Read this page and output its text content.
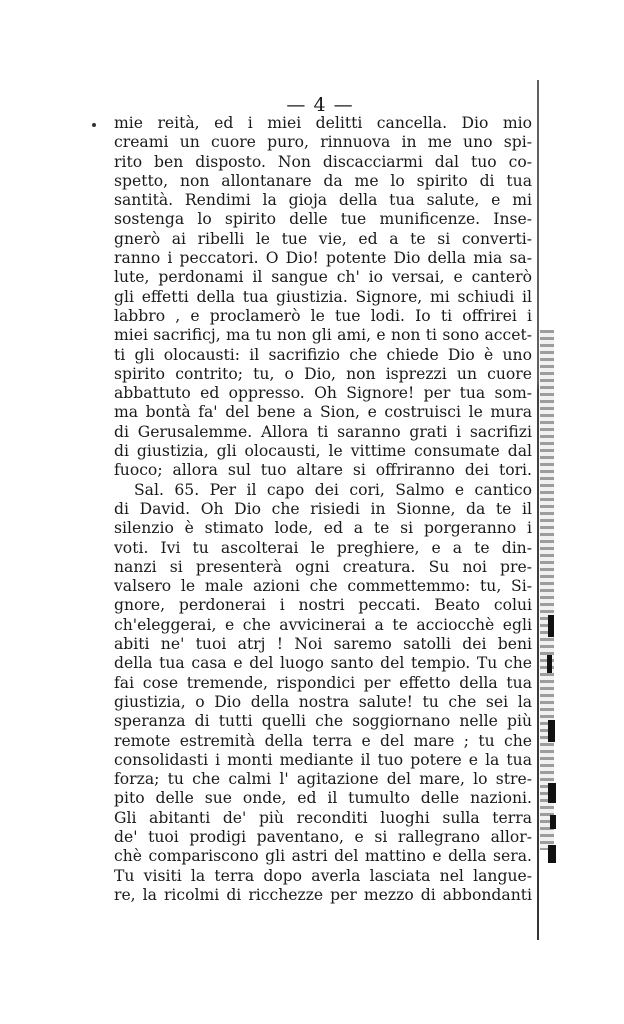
— 4 —
mie reità, ed i miei delitti cancella. Dio mio
creami un cuore puro, rinnuova in me uno spi-
rito ben disposto. Non discacciarmi dal tuo co-
spetto, non allontanare da me lo spirito di tua
santità. Rendimi la gioja della tua salute, e mi
sostenga lo spirito delle tue munificenze. Inse-
gnerò ai ribelli le tue vie, ed a te si converti-
ranno i peccatori. O Dio! potente Dio della mia sa-
lute, perdonami il sangue ch' io versai, e canterò
gli effetti della tua giustizia. Signore, mi schiudi il
labbro , e proclamerò le tue lodi. Io ti offrirei i
miei sacrificj, ma tu non gli ami, e non ti sono accet-
ti gli olocausti: il sacrifizio che chiede Dio è uno
spirito contrito; tu, o Dio, non isprezzi un cuore
abbattuto ed oppresso. Oh Signore! per tua som-
ma bontà fa' del bene a Sion, e costruisci le mura
di Gerusalemme. Allora ti saranno grati i sacrifizi
di giustizia, gli olocausti, le vittime consumate dal
fuoco; allora sul tuo altare si offriranno dei tori.
Sal. 65. Per il capo dei cori, Salmo e cantico
di David. Oh Dio che risiedi in Sionne, da te il
silenzio è stimato lode, ed a te si porgeranno i
voti. Ivi tu ascolterai le preghiere, e a te din-
nanzi si presenterà ogni creatura. Su noi pre-
valsero le male azioni che commettemmo: tu, Si-
gnore, perdonerai i nostri peccati. Beato colui
ch'eleggerai, e che avvicinerai a te acciocchè egli
abiti ne' tuoi atrj ! Noi saremo satolli dei beni
della tua casa e del luogo santo del tempio. Tu che
fai cose tremende, rispondici per effetto della tua
giustizia, o Dio della nostra salute! tu che sei la
speranza di tutti quelli che soggiornano nelle più
remote estremità della terra e del mare ; tu che
consolidasti i monti mediante il tuo potere e la tua
forza; tu che calmi l' agitazione del mare, lo stre-
pito delle sue onde, ed il tumulto delle nazioni.
Gli abitanti de' più reconditi luoghi sulla terra
de' tuoi prodigi paventano, e si rallegrano allor-
chè compariscono gli astri del mattino e della sera.
Tu visiti la terra dopo averla lasciata nel langue-
re, la ricolmi di ricchezze per mezzo di abbondanti
